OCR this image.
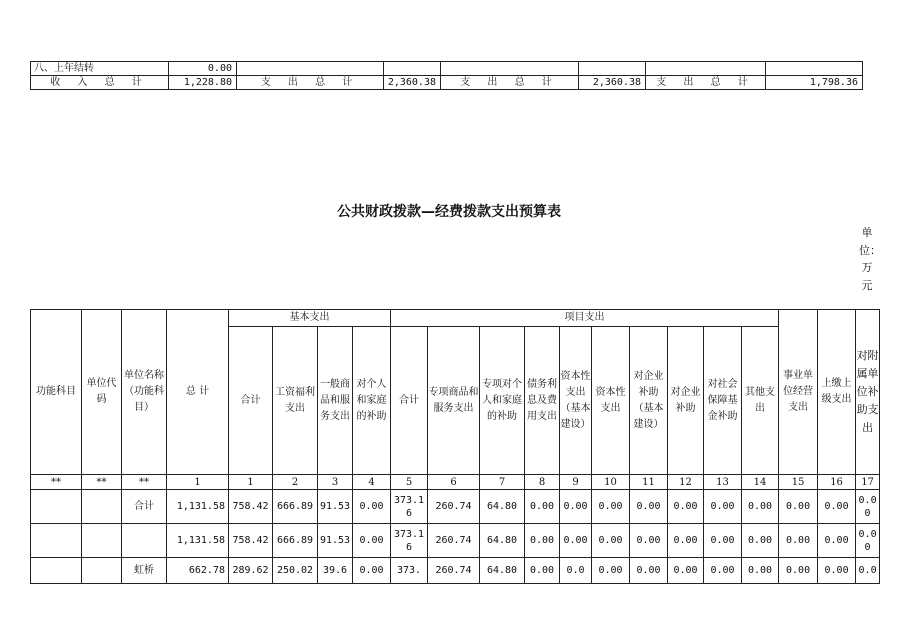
八、上年结转	0.00						
收 入 总 计	1,228.80	支 出 总 计	2,360.38	支 出 总 计	2,360.38	支 出 总 计	1,798.36
公共财政拨款—经费拨款支出预算表
单位：万元
功能科目	单位代码	单位名称（功能科目）	总 计	基本支出				项目支出										事业单位经营支出	上缴上级支出	对附属单位补助支出
				合计	工资福利支出	一般商品和服务支出	对个人和家庭的补助	合计	专项商品和服务支出	专项对个人和家庭的补助	债务利息及费用支出	资本性支出（基本建设）	资本性支出	对企业补助（基本建设）	对企业补助	对社会保障基金补助	其他支出			
**	**	**	1	1	2	3	4	5	6	7	8	9	10	11	12	13	14	15	16	17
		合计	1,131.58	758.42	666.89	91.53	0.00	373.16	260.74	64.80	0.00	0.00	0.00	0.00	0.00	0.00	0.00	0.00	0.00	0.00
			1,131.58	758.42	666.89	91.53	0.00	373.16	260.74	64.80	0.00	0.00	0.00	0.00	0.00	0.00	0.00	0.00	0.00	0.00
		虹桥	662.78	289.62	250.02	39.6	0.00	373.	260.74	64.80	0.00	0.0	0.00	0.00	0.00	0.00	0.00	0.00	0.00	0.0
